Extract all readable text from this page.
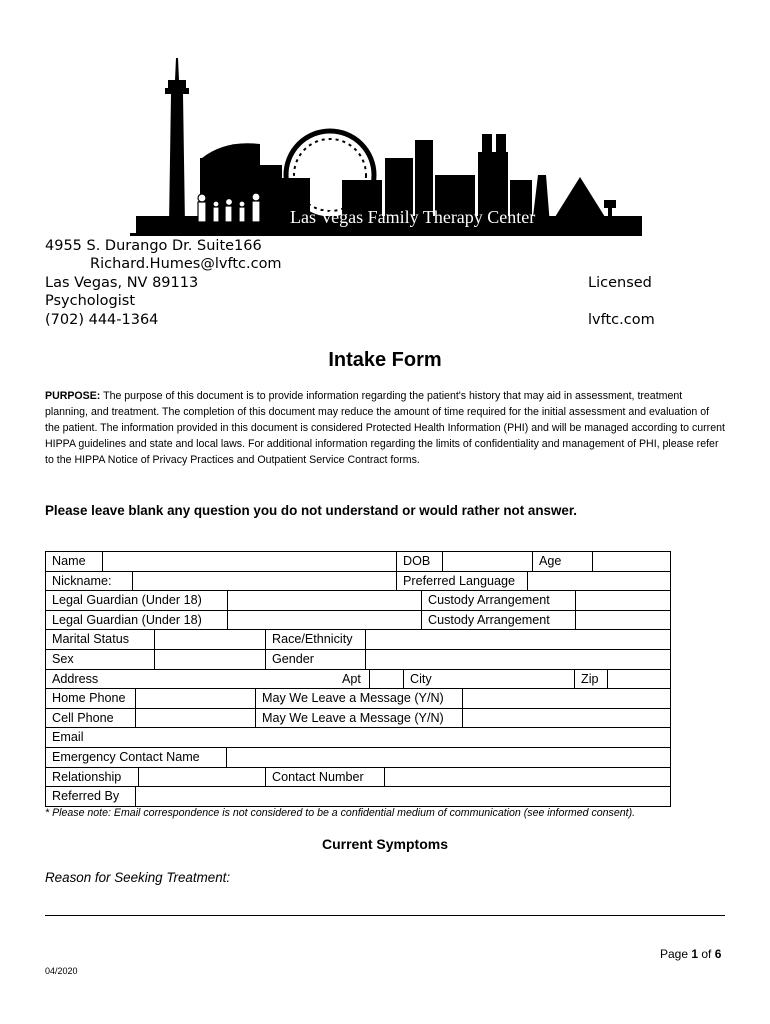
Las Vegas Family Therapy Center
4955 S. Durango Dr. Suite166
Richard.Humes@lvftc.com
Las Vegas, NV 89113	Licensed
Psychologist
(702) 444-1364	lvftc.com
Intake Form
PURPOSE: The purpose of this document is to provide information regarding the patient's history that may aid in assessment, treatment planning, and treatment. The completion of this document may reduce the amount of time required for the initial assessment and evaluation of the patient. The information provided in this document is considered Protected Health Information (PHI) and will be managed according to current HIPPA guidelines and state and local laws. For additional information regarding the limits of confidentiality and management of PHI, please refer to the HIPPA Notice of Privacy Practices and Outpatient Service Contract forms.
Please leave blank any question you do not understand or would rather not answer.
Name	DOB	Age

Nickname:	Preferred Language

Legal Guardian (Under 18)	Custody Arrangement

Legal Guardian (Under 18)	Custody Arrangement

Marital Status	Race/Ethnicity

Sex	Gender

Address	Apt	City	Zip

Home Phone	May We Leave a Message (Y/N)

Cell Phone	May We Leave a Message (Y/N)

Email

Emergency Contact Name

Relationship	Contact Number

Referred By
* Please note: Email correspondence is not considered to be a confidential medium of communication (see informed consent).
Current Symptoms
Reason for Seeking Treatment:
Page 1 of 6
04/2020
